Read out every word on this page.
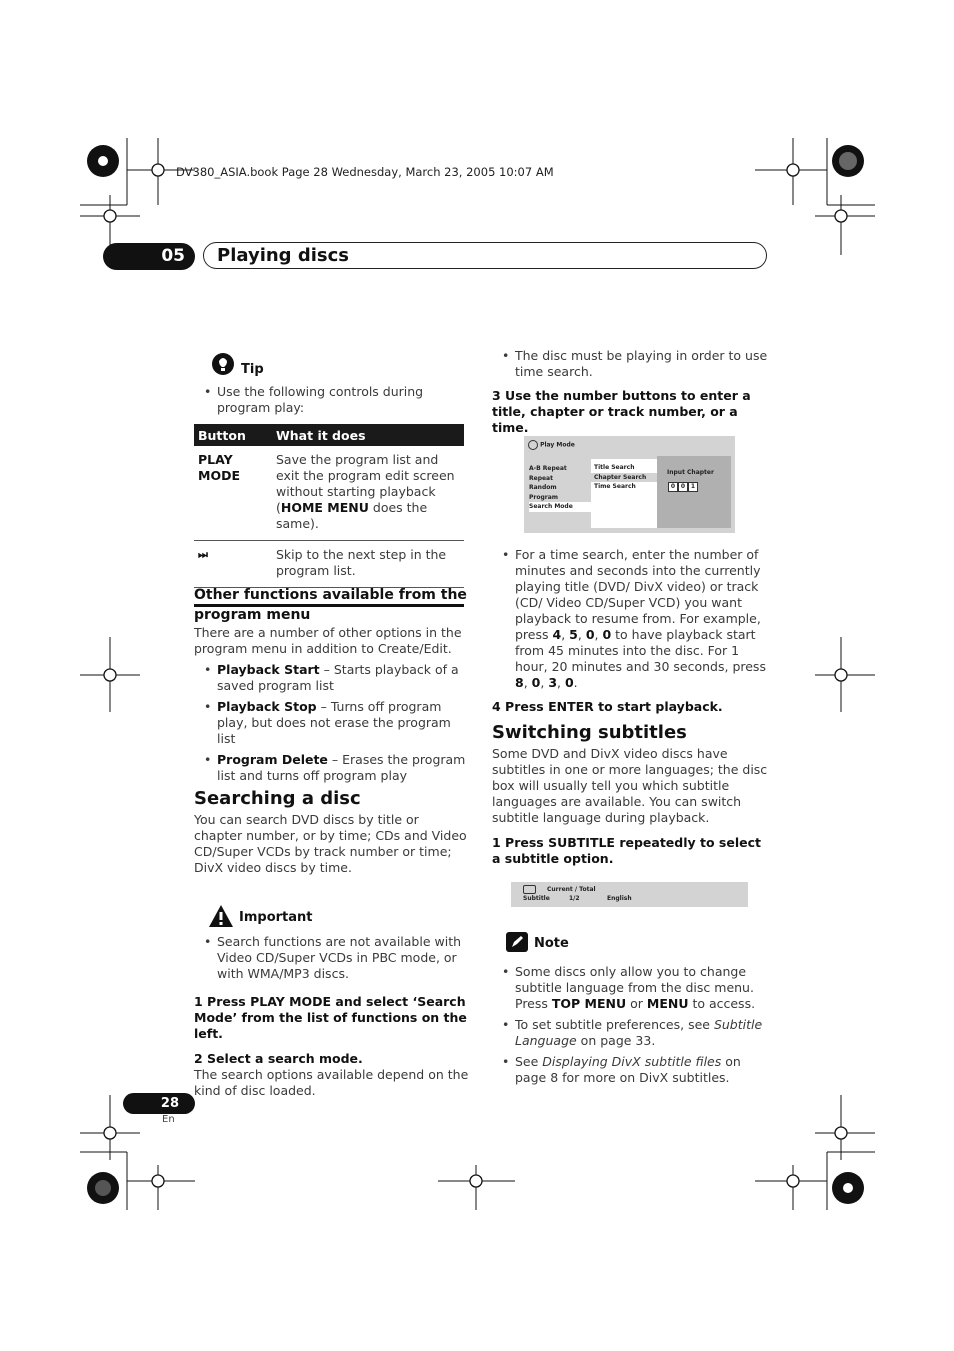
DV380_ASIA.book Page 28 Wednesday, March 23, 2005 10:07 AM
05	Playing discs
Tip
• Use the following controls during program play:
Button	What it does
PLAY MODE	Save the program list and exit the program edit screen without starting playback (HOME MENU does the same).
⏭	Skip to the next step in the program list.
Other functions available from the program menu

There are a number of other options in the program menu in addition to Create/Edit.

• Playback Start – Starts playback of a saved program list
• Playback Stop – Turns off program play, but does not erase the program list
• Program Delete – Erases the program list and turns off program play
Searching a disc

You can search DVD discs by title or chapter number, or by time; CDs and Video CD/Super VCDs by track number or time; DivX video discs by time.

Important
• Search functions are not available with Video CD/Super VCDs in PBC mode, or with WMA/MP3 discs.
1 Press PLAY MODE and select ‘Search Mode’ from the list of functions on the left.
2 Select a search mode.

The search options available depend on the kind of disc loaded.

• The disc must be playing in order to use time search.
3 Use the number buttons to enter a title, chapter or track number, or a time.
Play Mode
A-B Repeat
Repeat
Random
Program
Search Mode
Title Search
Chapter Search
Time Search
Input Chapter
0 0 1
• For a time search, enter the number of minutes and seconds into the currently playing title (DVD/ DivX video) or track (CD/ Video CD/Super VCD) you want playback to resume from. For example, press 4, 5, 0, 0 to have playback start from 45 minutes into the disc. For 1 hour, 20 minutes and 30 seconds, press 8, 0, 3, 0.
4 Press ENTER to start playback.
Switching subtitles

Some DVD and DivX video discs have subtitles in one or more languages; the disc box will usually tell you which subtitle languages are available. You can switch subtitle language during playback.

1 Press SUBTITLE repeatedly to select a subtitle option.
Current / Total
Subtitle	1/2	English
Note
• Some discs only allow you to change subtitle language from the disc menu. Press TOP MENU or MENU to access.
• To set subtitle preferences, see Subtitle Language on page 33.
• See Displaying DivX subtitle files on page 8 for more on DivX subtitles.
28
En
